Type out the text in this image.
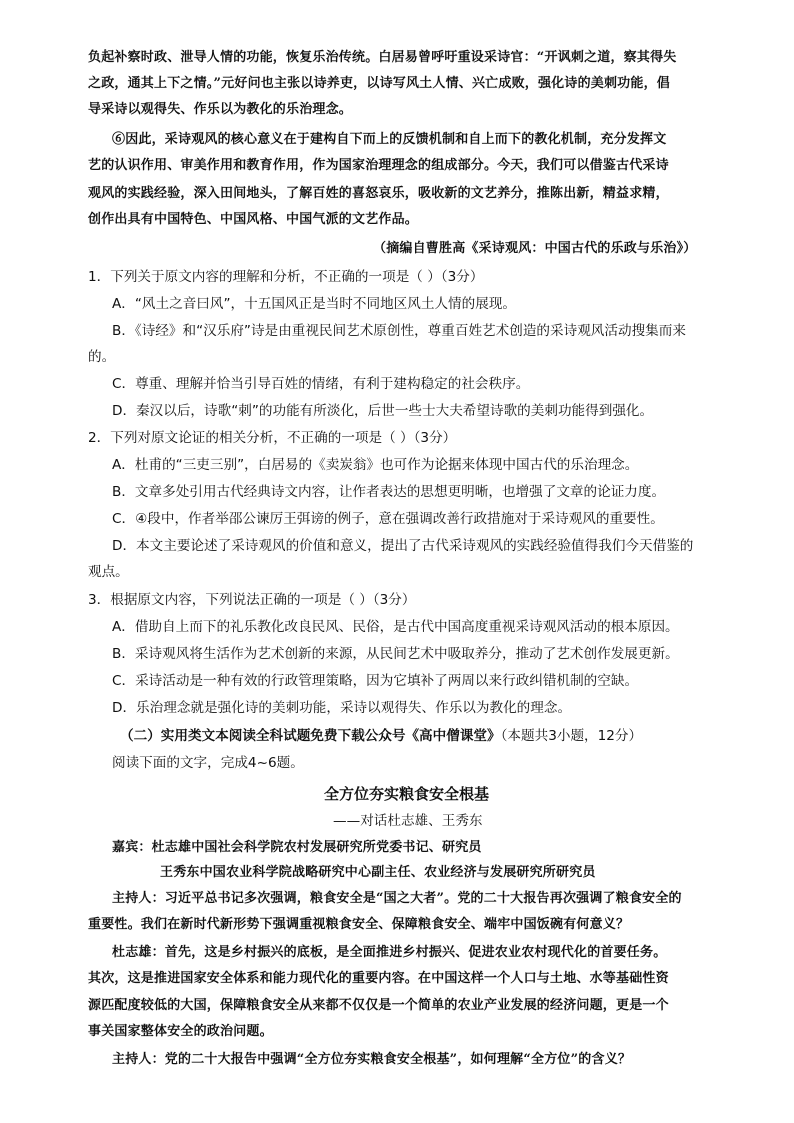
负起补察时政、泄导人情的功能，恢复乐治传统。白居易曾呼吁重设采诗官：“开讽刺之道，察其得失
之政，通其上下之情。”元好问也主张以诗养吏，以诗写风土人情、兴亡成败，强化诗的美刺功能，倡
导采诗以观得失、作乐以为教化的乐治理念。
⑥因此，采诗观风的核心意义在于建构自下而上的反馈机制和自上而下的教化机制，充分发挥文
艺的认识作用、审美作用和教育作用，作为国家治理理念的组成部分。今天，我们可以借鉴古代采诗
观风的实践经验，深入田间地头，了解百姓的喜怒哀乐，吸收新的文艺养分，推陈出新，精益求精，
创作出具有中国特色、中国风格、中国气派的文艺作品。
（摘编自曹胜高《采诗观风：中国古代的乐政与乐治》）
1．下列关于原文内容的理解和分析，不正确的一项是（ ）（3分）
A．“风土之音曰风”，十五国风正是当时不同地区风土人情的展现。
B．《诗经》和“汉乐府”诗是由重视民间艺术原创性，尊重百姓艺术创造的采诗观风活动搜集而来
的。
C．尊重、理解并恰当引导百姓的情绪，有利于建构稳定的社会秩序。
D．秦汉以后，诗歌“刺”的功能有所淡化，后世一些士大夫希望诗歌的美刺功能得到强化。
2．下列对原文论证的相关分析，不正确的一项是（ ）（3分）
A．杜甫的“三吏三别”，白居易的《卖炭翁》也可作为论据来体现中国古代的乐治理念。
B．文章多处引用古代经典诗文内容，让作者表达的思想更明晰，也增强了文章的论证力度。
C．④段中，作者举邵公谏厉王弭谤的例子，意在强调改善行政措施对于采诗观风的重要性。
D．本文主要论述了采诗观风的价值和意义，提出了古代采诗观风的实践经验值得我们今天借鉴的
观点。
3．根据原文内容，下列说法正确的一项是（ ）（3分）
A．借助自上而下的礼乐教化改良民风、民俗，是古代中国高度重视采诗观风活动的根本原因。
B．采诗观风将生活作为艺术创新的来源，从民间艺术中吸取养分，推动了艺术创作发展更新。
C．采诗活动是一种有效的行政管理策略，因为它填补了两周以来行政纠错机制的空缺。
D．乐治理念就是强化诗的美刺功能，采诗以观得失、作乐以为教化的理念。
（二）实用类文本阅读全科试题免费下载公众号《高中僧课堂》（本题共3小题，12分）
阅读下面的文字，完成4~6题。
全方位夯实粮食安全根基
——对话杜志雄、王秀东
嘉宾：杜志雄中国社会科学院农村发展研究所党委书记、研究员
王秀东中国农业科学院战略研究中心副主任、农业经济与发展研究所研究员
主持人：习近平总书记多次强调，粮食安全是“国之大者”。党的二十大报告再次强调了粮食安全的
重要性。我们在新时代新形势下强调重视粮食安全、保障粮食安全、端牢中国饭碗有何意义？
杜志雄：首先，这是乡村振兴的底板，是全面推进乡村振兴、促进农业农村现代化的首要任务。
其次，这是推进国家安全体系和能力现代化的重要内容。在中国这样一个人口与土地、水等基础性资
源匹配度较低的大国，保障粮食安全从来都不仅仅是一个简单的农业产业发展的经济问题，更是一个
事关国家整体安全的政治问题。
主持人：党的二十大报告中强调“全方位夯实粮食安全根基”，如何理解“全方位”的含义？
